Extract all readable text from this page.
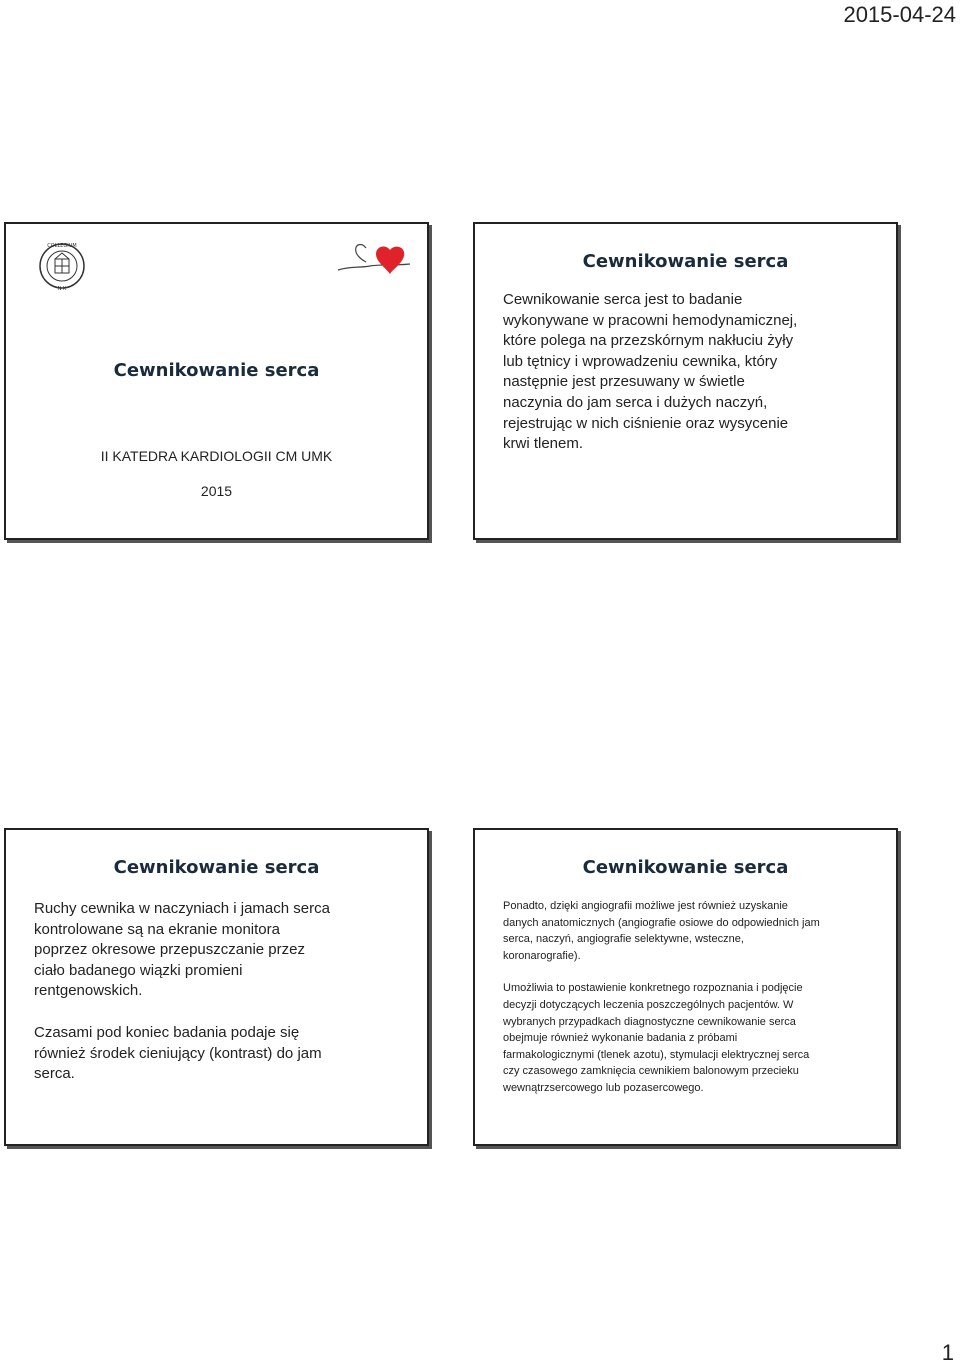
2015-04-24
COLLEGIUM
N·K
Cewnikowanie serca
II KATEDRA KARDIOLOGII CM UMK
2015
Cewnikowanie serca

Cewnikowanie serca jest to badanie

wykonywane w pracowni hemodynamicznej,

które polega na przezskórnym nakłuciu żyły

lub tętnicy i wprowadzeniu cewnika, który

następnie jest przesuwany w świetle

naczynia do jam serca i dużych naczyń,

rejestrując w nich ciśnienie oraz wysycenie

krwi tlenem.

Cewnikowanie serca

Ruchy cewnika w naczyniach i jamach serca

kontrolowane są na ekranie monitora

poprzez okresowe przepuszczanie przez

ciało badanego wiązki promieni

rentgenowskich.

Czasami pod koniec badania podaje się

również środek cieniujący (kontrast) do jam

serca.

Cewnikowanie serca

Ponadto, dzięki angiografii możliwe jest również uzyskanie

danych anatomicznych (angiografie osiowe do odpowiednich jam

serca, naczyń, angiografie selektywne, wsteczne,

koronarografie).

Umożliwia to postawienie konkretnego rozpoznania i podjęcie

decyzji dotyczących leczenia poszczególnych pacjentów. W

wybranych przypadkach diagnostyczne cewnikowanie serca

obejmuje również wykonanie badania z próbami

farmakologicznymi (tlenek azotu), stymulacji elektrycznej serca

czy czasowego zamknięcia cewnikiem balonowym przecieku

wewnątrzsercowego lub pozasercowego.

1
